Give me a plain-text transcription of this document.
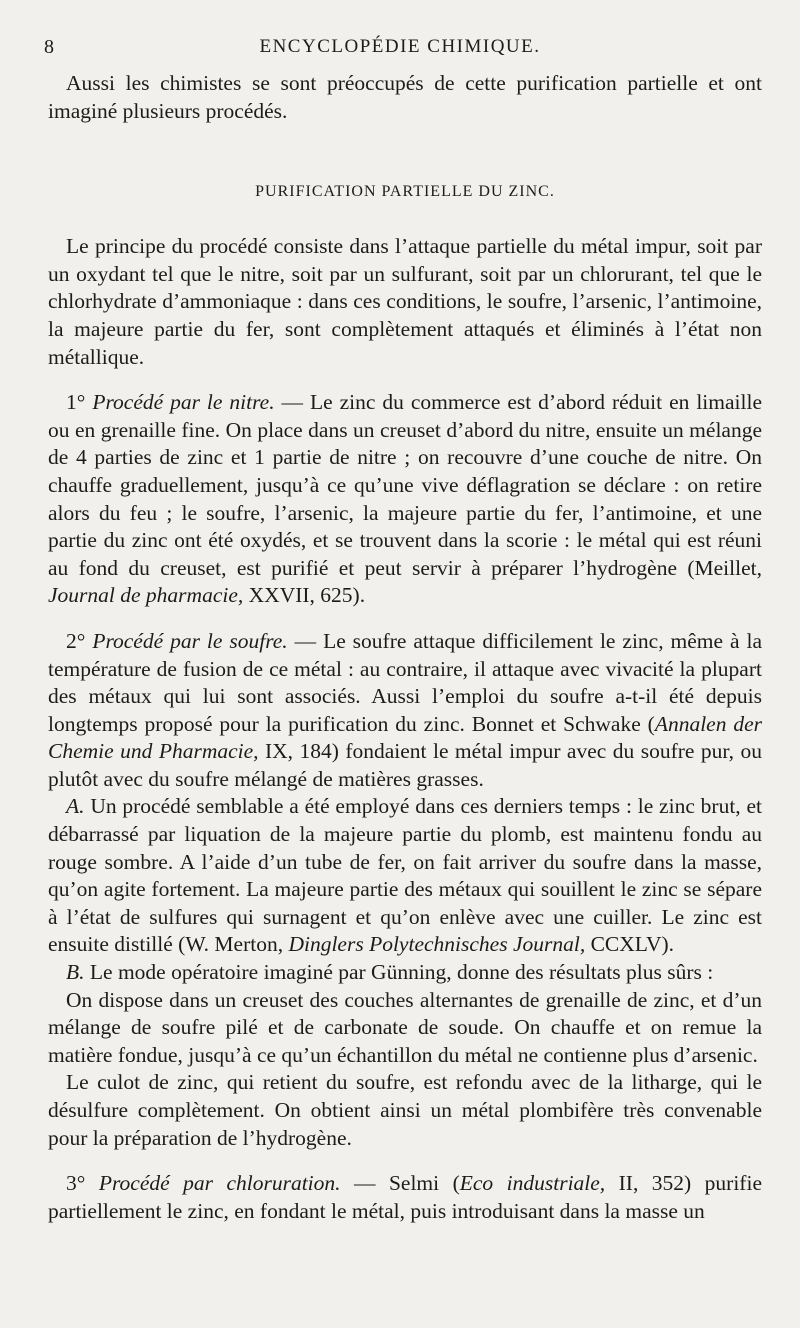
8	ENCYCLOPÉDIE CHIMIQUE.

Aussi les chimistes se sont préoccupés de cette purification partielle et ont imaginé plusieurs procédés.

PURIFICATION PARTIELLE DU ZINC.

Le principe du procédé consiste dans l’attaque partielle du métal impur, soit par un oxydant tel que le nitre, soit par un sulfurant, soit par un chlorurant, tel que le chlorhydrate d’ammoniaque : dans ces conditions, le soufre, l’arsenic, l’antimoine, la majeure partie du fer, sont complètement attaqués et éliminés à l’état non métallique.

1° Procédé par le nitre. — Le zinc du commerce est d’abord réduit en limaille ou en grenaille fine. On place dans un creuset d’abord du nitre, ensuite un mélange de 4 parties de zinc et 1 partie de nitre ; on recouvre d’une couche de nitre. On chauffe graduellement, jusqu’à ce qu’une vive déflagration se déclare : on retire alors du feu ; le soufre, l’arsenic, la majeure partie du fer, l’antimoine, et une partie du zinc ont été oxydés, et se trouvent dans la scorie : le métal qui est réuni au fond du creuset, est purifié et peut servir à préparer l’hydrogène (Meillet, Journal de pharmacie, XXVII, 625).

2° Procédé par le soufre. — Le soufre attaque difficilement le zinc, même à la température de fusion de ce métal : au contraire, il attaque avec vivacité la plupart des métaux qui lui sont associés. Aussi l’emploi du soufre a-t-il été depuis longtemps proposé pour la purification du zinc. Bonnet et Schwake (Annalen der Chemie und Pharmacie, IX, 184) fondaient le métal impur avec du soufre pur, ou plutôt avec du soufre mélangé de matières grasses.

A. Un procédé semblable a été employé dans ces derniers temps : le zinc brut, et débarrassé par liquation de la majeure partie du plomb, est maintenu fondu au rouge sombre. A l’aide d’un tube de fer, on fait arriver du soufre dans la masse, qu’on agite fortement. La majeure partie des métaux qui souillent le zinc se sépare à l’état de sulfures qui surnagent et qu’on enlève avec une cuiller. Le zinc est ensuite distillé (W. Merton, Dinglers Polytechnisches Journal, CCXLV).

B. Le mode opératoire imaginé par Günning, donne des résultats plus sûrs :

On dispose dans un creuset des couches alternantes de grenaille de zinc, et d’un mélange de soufre pilé et de carbonate de soude. On chauffe et on remue la matière fondue, jusqu’à ce qu’un échantillon du métal ne contienne plus d’arsenic.

Le culot de zinc, qui retient du soufre, est refondu avec de la litharge, qui le désulfure complètement. On obtient ainsi un métal plombifère très convenable pour la préparation de l’hydrogène.

3° Procédé par chloruration. — Selmi (Eco industriale, II, 352) purifie partiellement le zinc, en fondant le métal, puis introduisant dans la masse un
